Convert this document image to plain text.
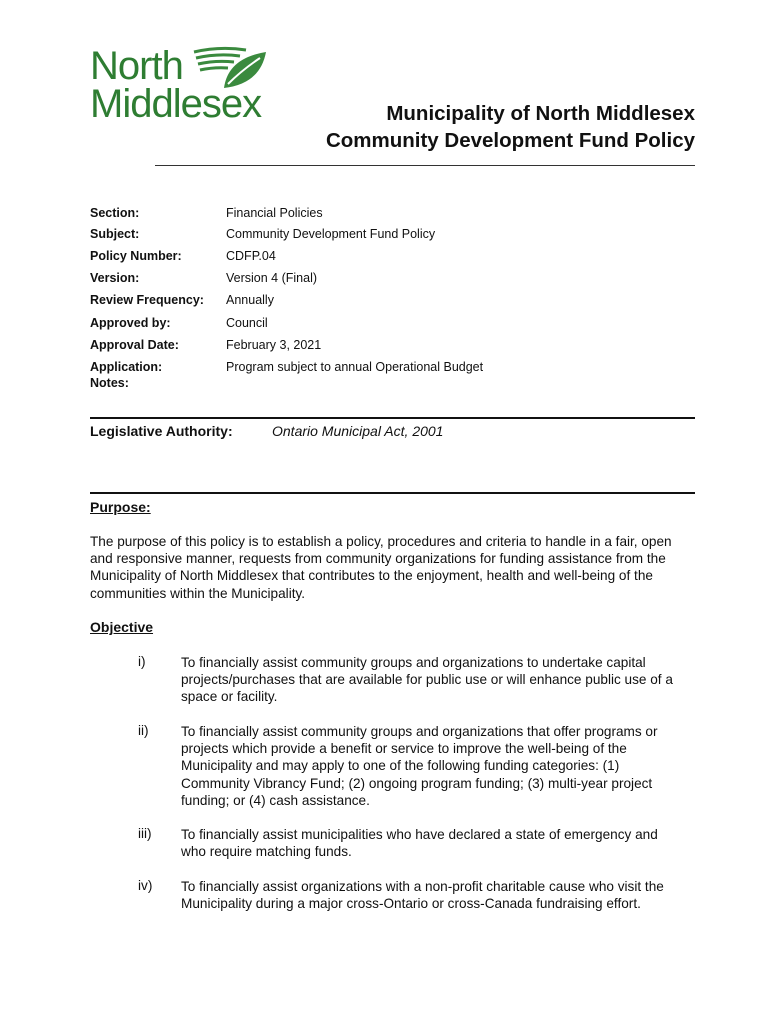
North
Middlesex	Municipality of North Middlesex
Community Development Fund Policy
Section:	Financial Policies
Subject:	Community Development Fund Policy
Policy Number:	CDFP.04
Version:	Version 4 (Final)
Review Frequency: Annually
Approved by:	Council
Approval Date:	February 3, 2021
Application:	Program subject to annual Operational Budget
Notes:
Legislative Authority:	Ontario Municipal Act, 2001
Purpose:
The purpose of this policy is to establish a policy, procedures and criteria to handle in a fair, open
and responsive manner, requests from community organizations for funding assistance from the
Municipality of North Middlesex that contributes to the enjoyment, health and well-being of the
communities within the Municipality.
Objective
i)	To financially assist community groups and organizations to undertake capital
projects/purchases that are available for public use or will enhance public use of a
space or facility.
ii) To financially assist community groups and organizations that offer programs or
projects which provide a benefit or service to improve the well-being of the
Municipality and may apply to one of the following funding categories: (1)
Community Vibrancy Fund; (2) ongoing program funding; (3) multi-year project
funding; or (4) cash assistance.
iii) To financially assist municipalities who have declared a state of emergency and
who require matching funds.
iv) To financially assist organizations with a non-profit charitable cause who visit the
Municipality during a major cross-Ontario or cross-Canada fundraising effort.
